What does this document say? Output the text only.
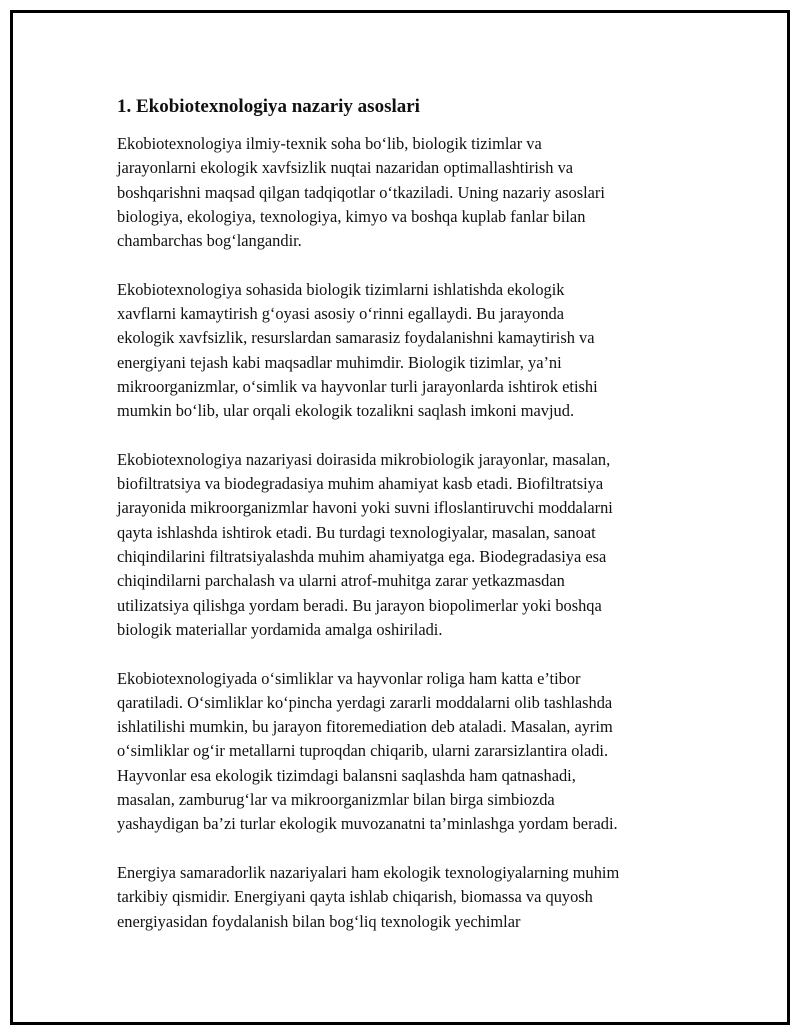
1. Ekobiotexnologiya nazariy asoslari
Ekobiotexnologiya ilmiy-texnik soha bo‘lib, biologik tizimlar va
jarayonlarni ekologik xavfsizlik nuqtai nazaridan optimallashtirish va
boshqarishni maqsad qilgan tadqiqotlar o‘tkaziladi. Uning nazariy asoslari
biologiya, ekologiya, texnologiya, kimyo va boshqa kuplab fanlar bilan
chambarchas bog‘langandir.
Ekobiotexnologiya sohasida biologik tizimlarni ishlatishda ekologik
xavflarni kamaytirish g‘oyasi asosiy o‘rinni egallaydi. Bu jarayonda
ekologik xavfsizlik, resurslardan samarasiz foydalanishni kamaytirish va
energiyani tejash kabi maqsadlar muhimdir. Biologik tizimlar, ya’ni
mikroorganizmlar, o‘simlik va hayvonlar turli jarayonlarda ishtirok etishi
mumkin bo‘lib, ular orqali ekologik tozalikni saqlash imkoni mavjud.
Ekobiotexnologiya nazariyasi doirasida mikrobiologik jarayonlar, masalan,
biofiltratsiya va biodegradasiya muhim ahamiyat kasb etadi. Biofiltratsiya
jarayonida mikroorganizmlar havoni yoki suvni ifloslantiruvchi moddalarni
qayta ishlashda ishtirok etadi. Bu turdagi texnologiyalar, masalan, sanoat
chiqindilarini filtratsiyalashda muhim ahamiyatga ega. Biodegradasiya esa
chiqindilarni parchalash va ularni atrof-muhitga zarar yetkazmasdan
utilizatsiya qilishga yordam beradi. Bu jarayon biopolimerlar yoki boshqa
biologik materiallar yordamida amalga oshiriladi.
Ekobiotexnologiyada o‘simliklar va hayvonlar roliga ham katta e’tibor
qaratiladi. O‘simliklar ko‘pincha yerdagi zararli moddalarni olib tashlashda
ishlatilishi mumkin, bu jarayon fitoremediation deb ataladi. Masalan, ayrim
o‘simliklar og‘ir metallarni tuproqdan chiqarib, ularni zararsizlantira oladi.
Hayvonlar esa ekologik tizimdagi balansni saqlashda ham qatnashadi,
masalan, zamburug‘lar va mikroorganizmlar bilan birga simbiozda
yashaydigan ba’zi turlar ekologik muvozanatni ta’minlashga yordam beradi.
Energiya samaradorlik nazariyalari ham ekologik texnologiyalarning muhim
tarkibiy qismidir. Energiyani qayta ishlab chiqarish, biomassa va quyosh
energiyasidan foydalanish bilan bog‘liq texnologik yechimlar
